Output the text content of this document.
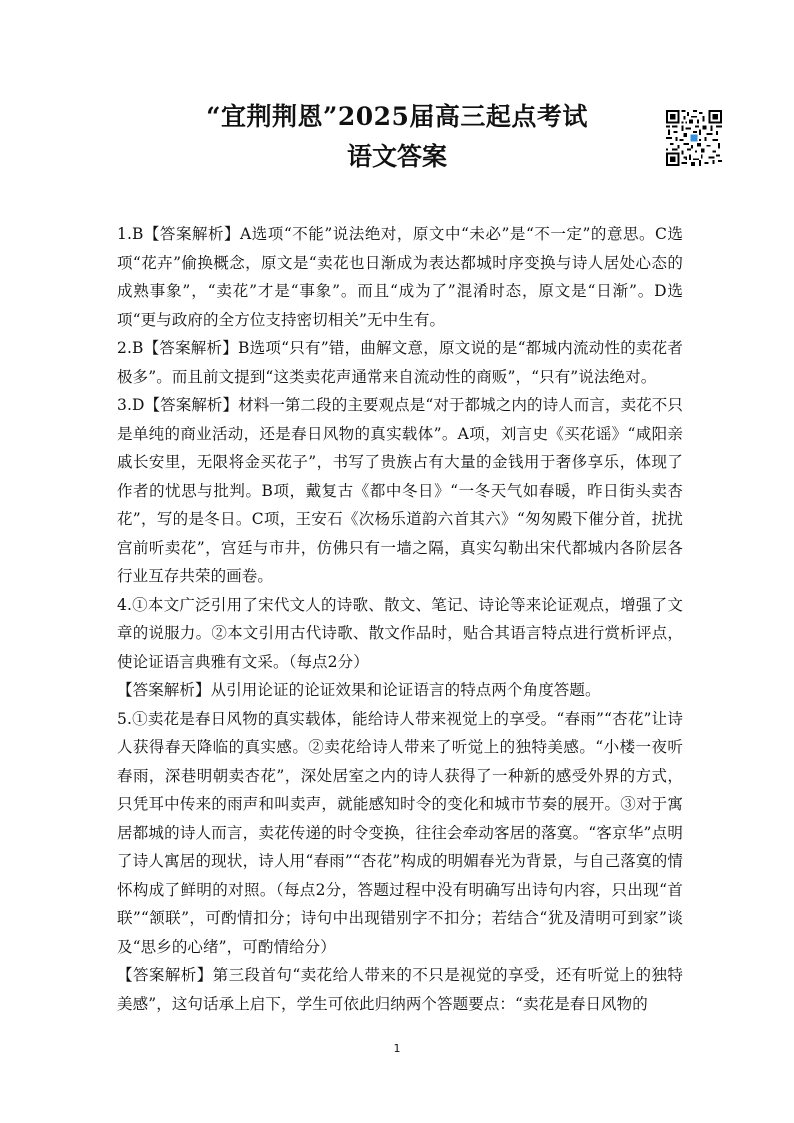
“宜荆荆恩”2025届高三起点考试
语文答案

1.B【答案解析】A选项“不能”说法绝对，原文中“未必”是“不一定”的意思。C选项“花卉”偷换概念，原文是“卖花也日渐成为表达都城时序变换与诗人居处心态的成熟事象”，“卖花”才是“事象”。而且“成为了”混淆时态，原文是“日渐”。D选项“更与政府的全方位支持密切相关”无中生有。

2.B【答案解析】B选项“只有”错，曲解文意，原文说的是“都城内流动性的卖花者极多”。而且前文提到“这类卖花声通常来自流动性的商贩”，“只有”说法绝对。

3.D【答案解析】材料一第二段的主要观点是“对于都城之内的诗人而言，卖花不只是单纯的商业活动，还是春日风物的真实载体”。A项，刘言史《买花谣》“咸阳亲戚长安里，无限将金买花子”，书写了贵族占有大量的金钱用于奢侈享乐，体现了作者的忧思与批判。B项，戴复古《都中冬日》“一冬天气如春暖，昨日街头卖杏花”，写的是冬日。C项，王安石《次杨乐道韵六首其六》“匆匆殿下催分首，扰扰宫前听卖花”，宫廷与市井，仿佛只有一墙之隔，真实勾勒出宋代都城内各阶层各行业互存共荣的画卷。

4.①本文广泛引用了宋代文人的诗歌、散文、笔记、诗论等来论证观点，增强了文章的说服力。②本文引用古代诗歌、散文作品时，贴合其语言特点进行赏析评点，使论证语言典雅有文采。（每点2分）

【答案解析】从引用论证的论证效果和论证语言的特点两个角度答题。

5.①卖花是春日风物的真实载体，能给诗人带来视觉上的享受。“春雨”“杏花”让诗人获得春天降临的真实感。②卖花给诗人带来了听觉上的独特美感。“小楼一夜听春雨，深巷明朝卖杏花”，深处居室之内的诗人获得了一种新的感受外界的方式，只凭耳中传来的雨声和叫卖声，就能感知时令的变化和城市节奏的展开。③对于寓居都城的诗人而言，卖花传递的时令变换，往往会牵动客居的落寞。“客京华”点明了诗人寓居的现状，诗人用“春雨”“杏花”构成的明媚春光为背景，与自己落寞的情怀构成了鲜明的对照。（每点2分，答题过程中没有明确写出诗句内容，只出现“首联”“颔联”，可酌情扣分；诗句中出现错别字不扣分；若结合“犹及清明可到家”谈及“思乡的心绪”，可酌情给分）

【答案解析】第三段首句“卖花给人带来的不只是视觉的享受，还有听觉上的独特美感”，这句话承上启下，学生可依此归纳两个答题要点：“卖花是春日风物的

1
